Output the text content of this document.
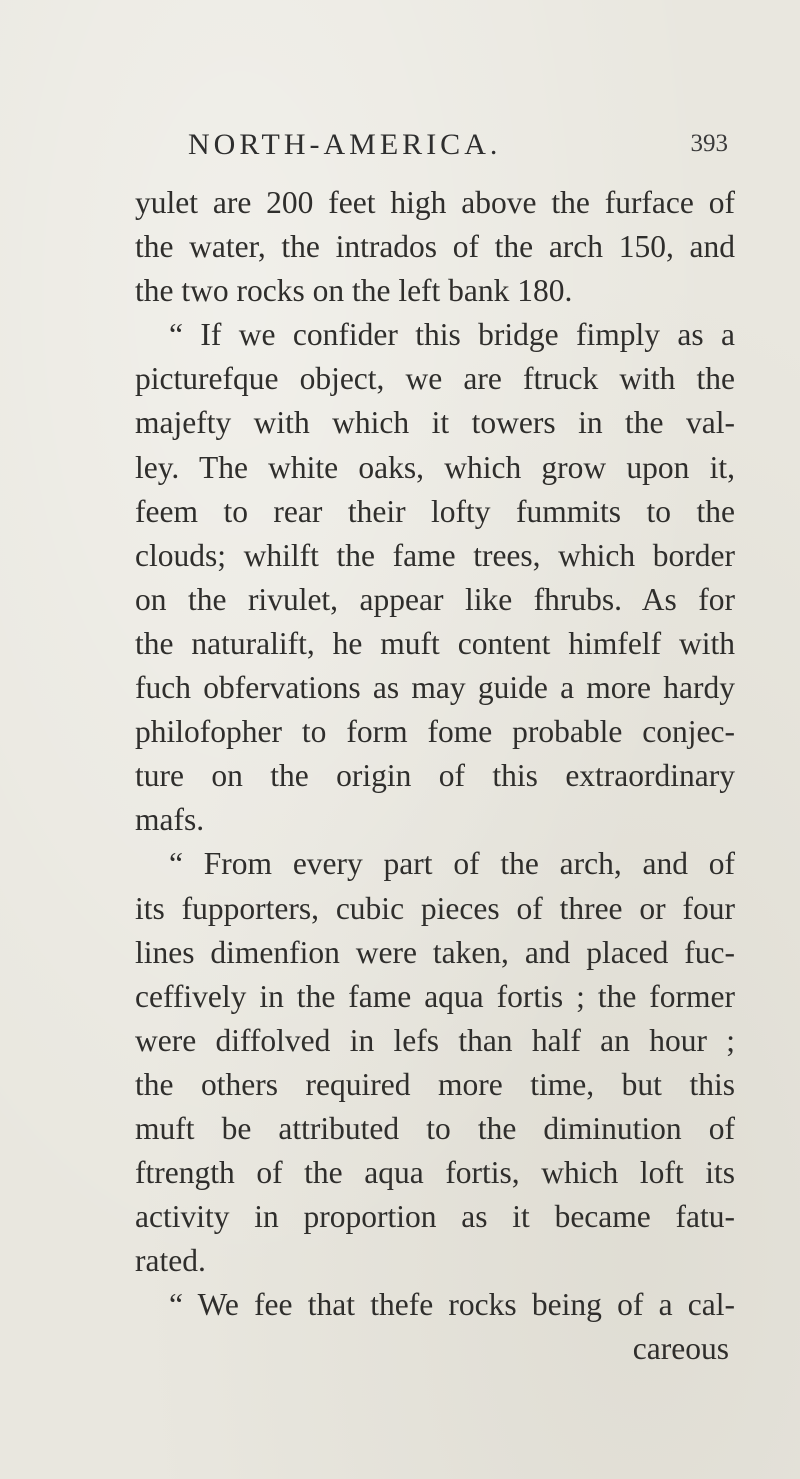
NORTH-AMERICA.	393
yulet are 200 feet high above the furface of
the water, the intrados of the arch 150, and
the two rocks on the left bank 180.
“ If we confider this bridge fimply as a
picturefque object, we are ftruck with the
majefty with which it towers in the val-
ley. The white oaks, which grow upon it,
feem to rear their lofty fummits to the
clouds; whilft the fame trees, which border
on the rivulet, appear like fhrubs. As for
the naturalift, he muft content himfelf with
fuch obfervations as may guide a more hardy
philofopher to form fome probable conjec-
ture on the origin of this extraordinary
mafs.
“ From every part of the arch, and of
its fupporters, cubic pieces of three or four
lines dimenfion were taken, and placed fuc-
ceffively in the fame aqua fortis ; the former
were diffolved in lefs than half an hour ;
the others required more time, but this
muft be attributed to the diminution of
ftrength of the aqua fortis, which loft its
activity in proportion as it became fatu-
rated.
“ We fee that thefe rocks being of a cal-
careous
